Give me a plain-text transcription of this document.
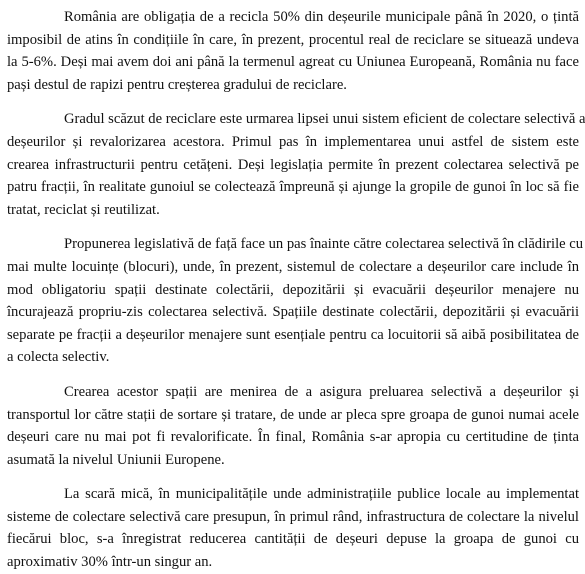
România are obligația de a recicla 50% din deșeurile municipale până în 2020, o țintă
imposibil de atins în condițiile în care, în prezent, procentul real de reciclare se situează undeva
la 5-6%. Deși mai avem doi ani până la termenul agreat cu Uniunea Europeană, România nu face
pași destul de rapizi pentru creșterea gradului de reciclare.
Gradul scăzut de reciclare este urmarea lipsei unui sistem eficient de colectare selectivă a
deșeurilor și revalorizarea acestora. Primul pas în implementarea unui astfel de sistem este
crearea infrastructurii pentru cetățeni. Deși legislația permite în prezent colectarea selectivă pe
patru fracții, în realitate gunoiul se colectează împreună și ajunge la gropile de gunoi în loc să fie
tratat, reciclat și reutilizat.
Propunerea legislativă de față face un pas înainte către colectarea selectivă în clădirile cu
mai multe locuințe (blocuri), unde, în prezent, sistemul de colectare a deșeurilor care include în
mod obligatoriu spații destinate colectării, depozitării și evacuării deșeurilor menajere nu
încurajează propriu-zis colectarea selectivă. Spațiile destinate colectării, depozitării și evacuării
separate pe fracții a deșeurilor menajere sunt esențiale pentru ca locuitorii să aibă posibilitatea de
a colecta selectiv.
Crearea acestor spații are menirea de a asigura preluarea selectivă a deșeurilor și
transportul lor către stații de sortare și tratare, de unde ar pleca spre groapa de gunoi numai acele
deșeuri care nu mai pot fi revalorificate. În final, România s-ar apropia cu certitudine de ținta
asumată la nivelul Uniunii Europene.
La scară mică, în municipalitățile unde administrațiile publice locale au implementat
sisteme de colectare selectivă care presupun, în primul rând, infrastructura de colectare la nivelul
fiecărui bloc, s-a înregistrat reducerea cantității de deșeuri depuse la groapa de gunoi cu
aproximativ 30% într-un singur an.
